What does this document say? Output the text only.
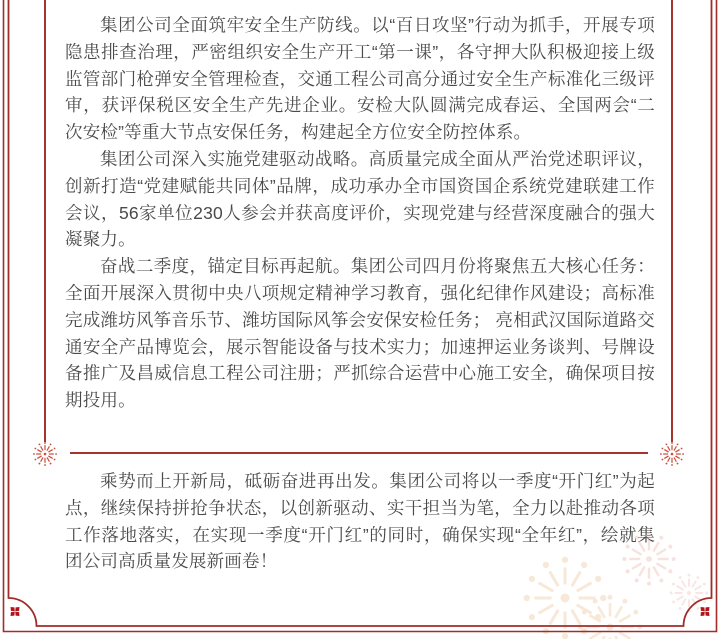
集团公司全面筑牢安全生产防线。以“百日攻坚”行动为抓手，开展专项隐患排查治理，严密组织安全生产开工“第一课”，各守押大队积极迎接上级监管部门枪弹安全管理检查，交通工程公司高分通过安全生产标准化三级评审，获评保税区安全生产先进企业。安检大队圆满完成春运、全国两会“二次安检”等重大节点安保任务，构建起全方位安全防控体系。

集团公司深入实施党建驱动战略。高质量完成全面从严治党述职评议，创新打造“党建赋能共同体”品牌，成功承办全市国资国企系统党建联建工作会议，56家单位230人参会并获高度评价，实现党建与经营深度融合的强大凝聚力。

奋战二季度，锚定目标再起航。集团公司四月份将聚焦五大核心任务：全面开展深入贯彻中央八项规定精神学习教育，强化纪律作风建设；高标准完成潍坊风筝音乐节、潍坊国际风筝会安保安检任务； 亮相武汉国际道路交通安全产品博览会，展示智能设备与技术实力；加速押运业务谈判、号牌设备推广及昌威信息工程公司注册；严抓综合运营中心施工安全，确保项目按期投用。

乘势而上开新局，砥砺奋进再出发。集团公司将以一季度“开门红”为起点，继续保持拼抢争状态，以创新驱动、实干担当为笔，全力以赴推动各项工作落地落实，在实现一季度“开门红”的同时，确保实现“全年红”，绘就集团公司高质量发展新画卷！
